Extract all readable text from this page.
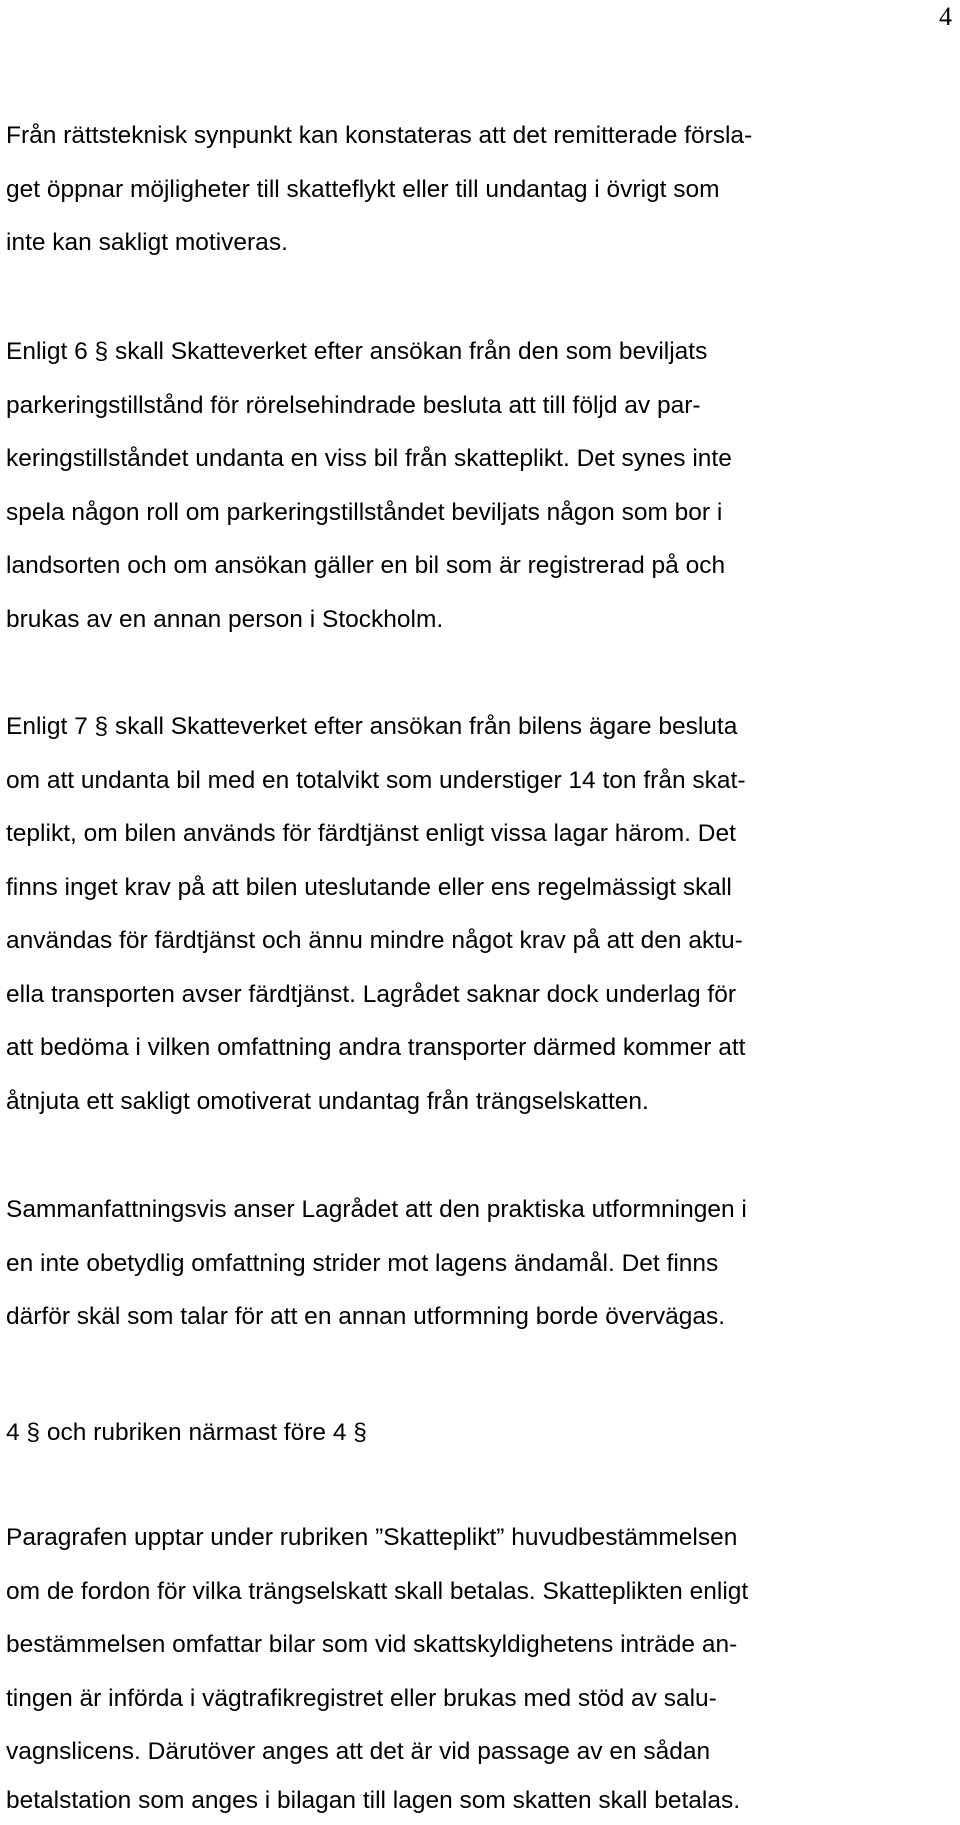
4
Från rättsteknisk synpunkt kan konstateras att det remitterade försla-
get öppnar möjligheter till skatteflykt eller till undantag i övrigt som
inte kan sakligt motiveras.
Enligt 6 § skall Skatteverket efter ansökan från den som beviljats
parkeringstillstånd för rörelsehindrade besluta att till följd av par-
keringstillståndet undanta en viss bil från skatteplikt. Det synes inte
spela någon roll om parkeringstillståndet beviljats någon som bor i
landsorten och om ansökan gäller en bil som är registrerad på och
brukas av en annan person i Stockholm.
Enligt 7 § skall Skatteverket efter ansökan från bilens ägare besluta
om att undanta bil med en totalvikt som understiger 14 ton från skat-
teplikt, om bilen används för färdtjänst enligt vissa lagar härom. Det
finns inget krav på att bilen uteslutande eller ens regelmässigt skall
användas för färdtjänst och ännu mindre något krav på att den aktu-
ella transporten avser färdtjänst. Lagrådet saknar dock underlag för
att bedöma i vilken omfattning andra transporter därmed kommer att
åtnjuta ett sakligt omotiverat undantag från trängselskatten.
Sammanfattningsvis anser Lagrådet att den praktiska utformningen i
en inte obetydlig omfattning strider mot lagens ändamål. Det finns
därför skäl som talar för att en annan utformning borde övervägas.
4 § och rubriken närmast före 4 §
Paragrafen upptar under rubriken ”Skatteplikt” huvudbestämmelsen
om de fordon för vilka trängselskatt skall betalas. Skatteplikten enligt
bestämmelsen omfattar bilar som vid skattskyldighetens inträde an-
tingen är införda i vägtrafikregistret eller brukas med stöd av salu-
vagnslicens. Därutöver anges att det är vid passage av en sådan
betalstation som anges i bilagan till lagen som skatten skall betalas.
